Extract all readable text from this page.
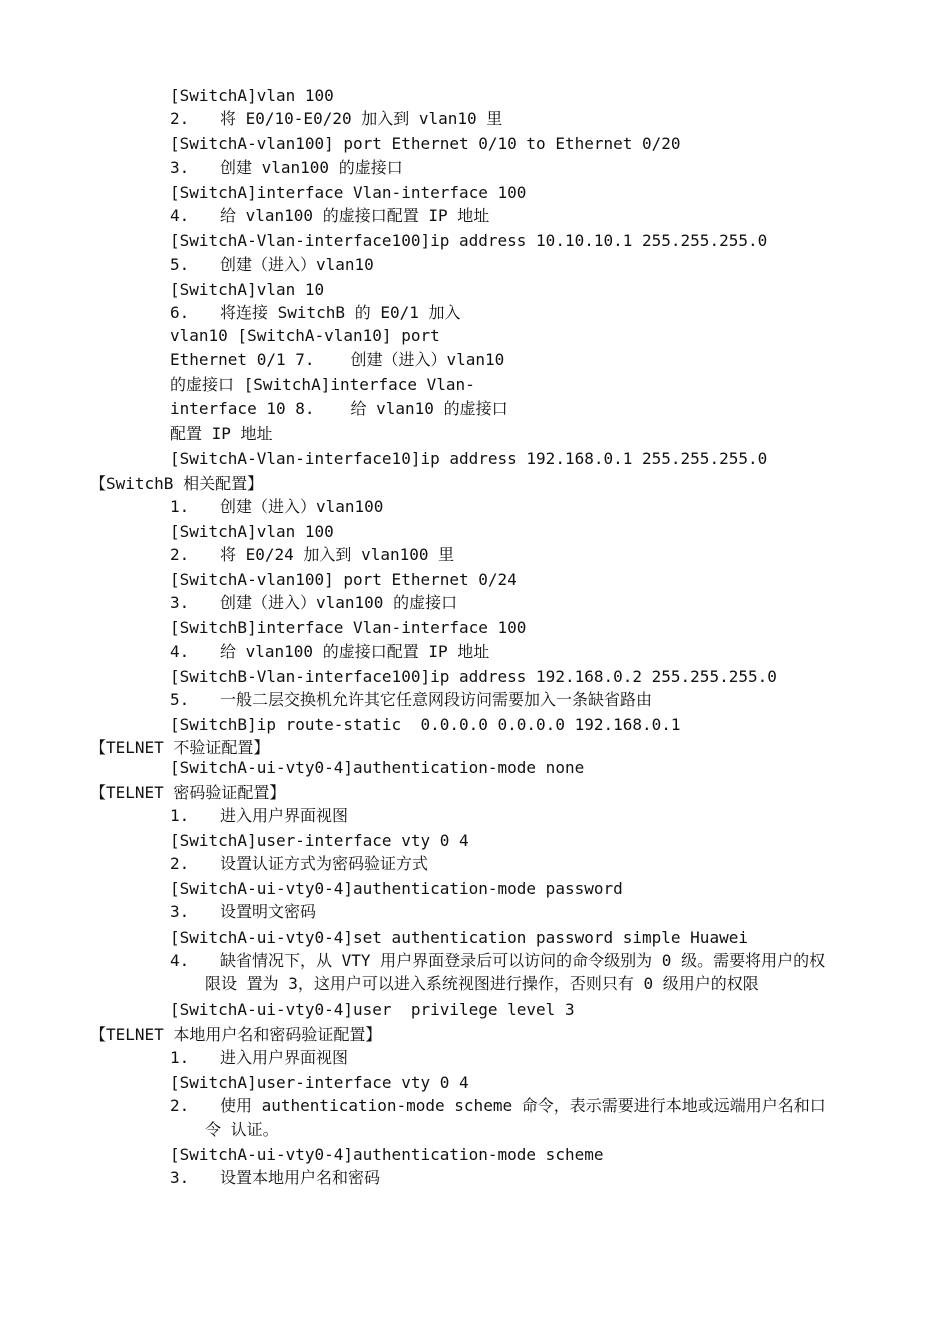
[SwitchA]vlan 100
2. 将 E0/10-E0/20 加入到 vlan10 里
[SwitchA-vlan100] port Ethernet 0/10 to Ethernet 0/20
3. 创建 vlan100 的虚接口
[SwitchA]interface Vlan-interface 100
4. 给 vlan100 的虚接口配置 IP 地址
[SwitchA-Vlan-interface100]ip address 10.10.10.1 255.255.255.0
5. 创建（进入）vlan10
[SwitchA]vlan 10
6. 将连接 SwitchB 的 E0/1 加入
vlan10 [SwitchA-vlan10] port
Ethernet 0/1 7. 创建（进入）vlan10
的虚接口 [SwitchA]interface Vlan-
interface 10 8. 给 vlan10 的虚接口
配置 IP 地址
[SwitchA-Vlan-interface10]ip address 192.168.0.1 255.255.255.0
【SwitchB 相关配置】
1. 创建（进入）vlan100
[SwitchA]vlan 100
2. 将 E0/24 加入到 vlan100 里
[SwitchA-vlan100] port Ethernet 0/24
3. 创建（进入）vlan100 的虚接口
[SwitchB]interface Vlan-interface 100
4. 给 vlan100 的虚接口配置 IP 地址
[SwitchB-Vlan-interface100]ip address 192.168.0.2 255.255.255.0
5. 一般二层交换机允许其它任意网段访问需要加入一条缺省路由
[SwitchB]ip route-static  0.0.0.0 0.0.0.0 192.168.0.1
【TELNET 不验证配置】
[SwitchA-ui-vty0-4]authentication-mode none
【TELNET 密码验证配置】
1. 进入用户界面视图
[SwitchA]user-interface vty 0 4
2. 设置认证方式为密码验证方式
[SwitchA-ui-vty0-4]authentication-mode password
3. 设置明文密码
[SwitchA-ui-vty0-4]set authentication password simple Huawei
4. 缺省情况下，从 VTY 用户界面登录后可以访问的命令级别为 0 级。需要将用户的权
限设 置为 3，这用户可以进入系统视图进行操作，否则只有 0 级用户的权限
[SwitchA-ui-vty0-4]user  privilege level 3
【TELNET 本地用户名和密码验证配置】
1. 进入用户界面视图
[SwitchA]user-interface vty 0 4
2. 使用 authentication-mode scheme 命令，表示需要进行本地或远端用户名和口
令 认证。
[SwitchA-ui-vty0-4]authentication-mode scheme
3. 设置本地用户名和密码
